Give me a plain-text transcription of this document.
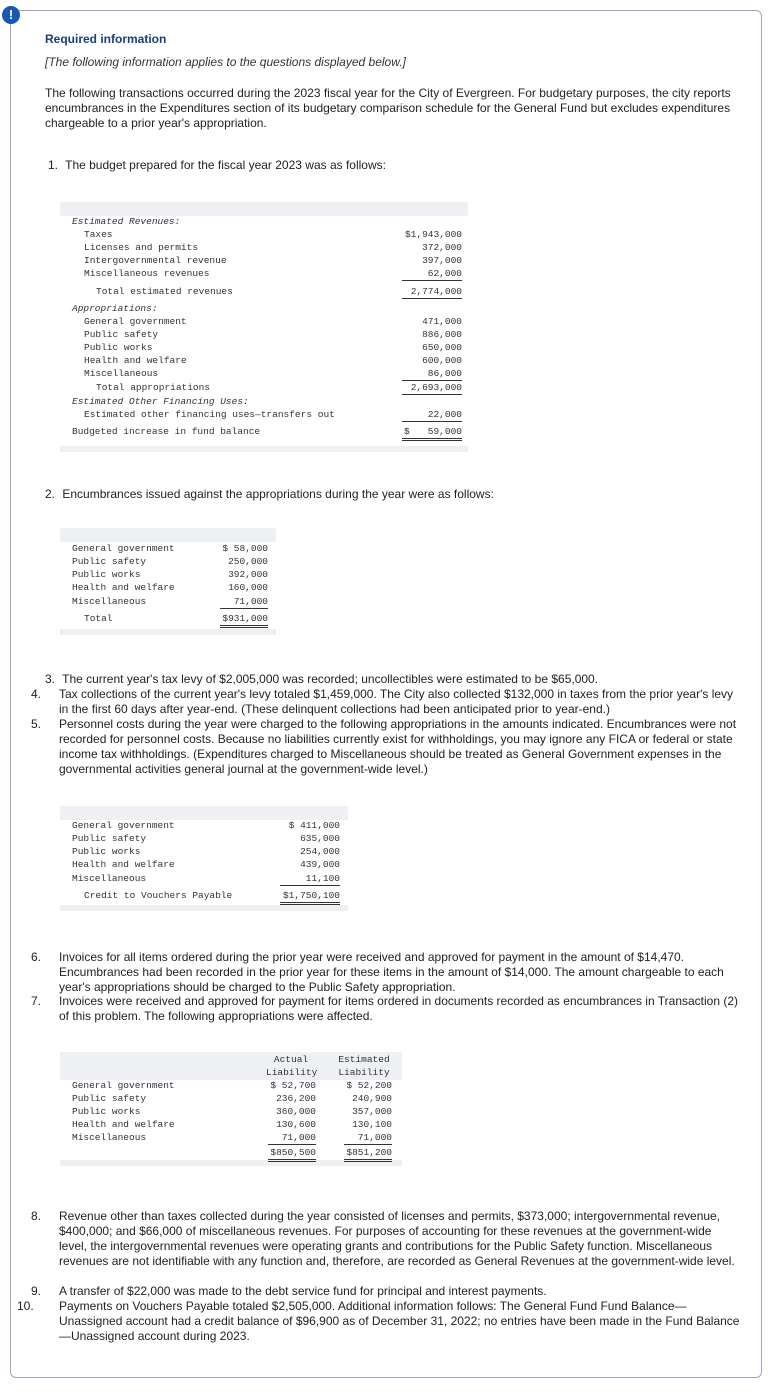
!
Required information
[The following information applies to the questions displayed below.]
The following transactions occurred during the 2023 fiscal year for the City of Evergreen. For budgetary purposes, the city reports encumbrances in the Expenditures section of its budgetary comparison schedule for the General Fund but excludes expenditures chargeable to a prior year's appropriation.
1. The budget prepared for the fiscal year 2023 was as follows:
Estimated Revenues:
Taxes	$1,943,000
Licenses and permits	372,000
Intergovernmental revenue	397,000
Miscellaneous revenues	62,000
Total estimated revenues	2,774,000
Appropriations:
General government	471,000
Public safety	886,000
Public works	650,000
Health and welfare	600,000
Miscellaneous	86,000
Total appropriations	2,693,000
Estimated Other Financing Uses:
Estimated other financing uses—transfers out	22,000
Budgeted increase in fund balance	$	59,000
2. Encumbrances issued against the appropriations during the year were as follows:
General government	$ 58,000
Public safety	250,000
Public works	392,000
Health and welfare	160,000
Miscellaneous	71,000
Total	$931,000
3. The current year's tax levy of $2,005,000 was recorded; uncollectibles were estimated to be $65,000.
4. Tax collections of the current year's levy totaled $1,459,000. The City also collected $132,000 in taxes from the prior year's levy in the first 60 days after year-end. (These delinquent collections had been anticipated prior to year-end.)
5. Personnel costs during the year were charged to the following appropriations in the amounts indicated. Encumbrances were not recorded for personnel costs. Because no liabilities currently exist for withholdings, you may ignore any FICA or federal or state income tax withholdings. (Expenditures charged to Miscellaneous should be treated as General Government expenses in the governmental activities general journal at the government-wide level.)
General government	$ 411,000
Public safety	635,000
Public works	254,000
Health and welfare	439,000
Miscellaneous	11,100
Credit to Vouchers Payable	$1,750,100
6. Invoices for all items ordered during the prior year were received and approved for payment in the amount of $14,470. Encumbrances had been recorded in the prior year for these items in the amount of $14,000. The amount chargeable to each year's appropriations should be charged to the Public Safety appropriation.
7. Invoices were received and approved for payment for items ordered in documents recorded as encumbrances in Transaction (2) of this problem. The following appropriations were affected.
Actual
Liability
Estimated
Liability
General government	$ 52,700	$ 52,200
Public safety	236,200	240,900
Public works	360,000	357,000
Health and welfare	130,600	130,100
Miscellaneous	71,000	71,000
$850,500	$851,200
8. Revenue other than taxes collected during the year consisted of licenses and permits, $373,000; intergovernmental revenue, $400,000; and $66,000 of miscellaneous revenues. For purposes of accounting for these revenues at the government-wide level, the intergovernmental revenues were operating grants and contributions for the Public Safety function. Miscellaneous revenues are not identifiable with any function and, therefore, are recorded as General Revenues at the government-wide level.
9. A transfer of $22,000 was made to the debt service fund for principal and interest payments.
10. Payments on Vouchers Payable totaled $2,505,000. Additional information follows: The General Fund Fund Balance—Unassigned account had a credit balance of $96,900 as of December 31, 2022; no entries have been made in the Fund Balance—Unassigned account during 2023.
